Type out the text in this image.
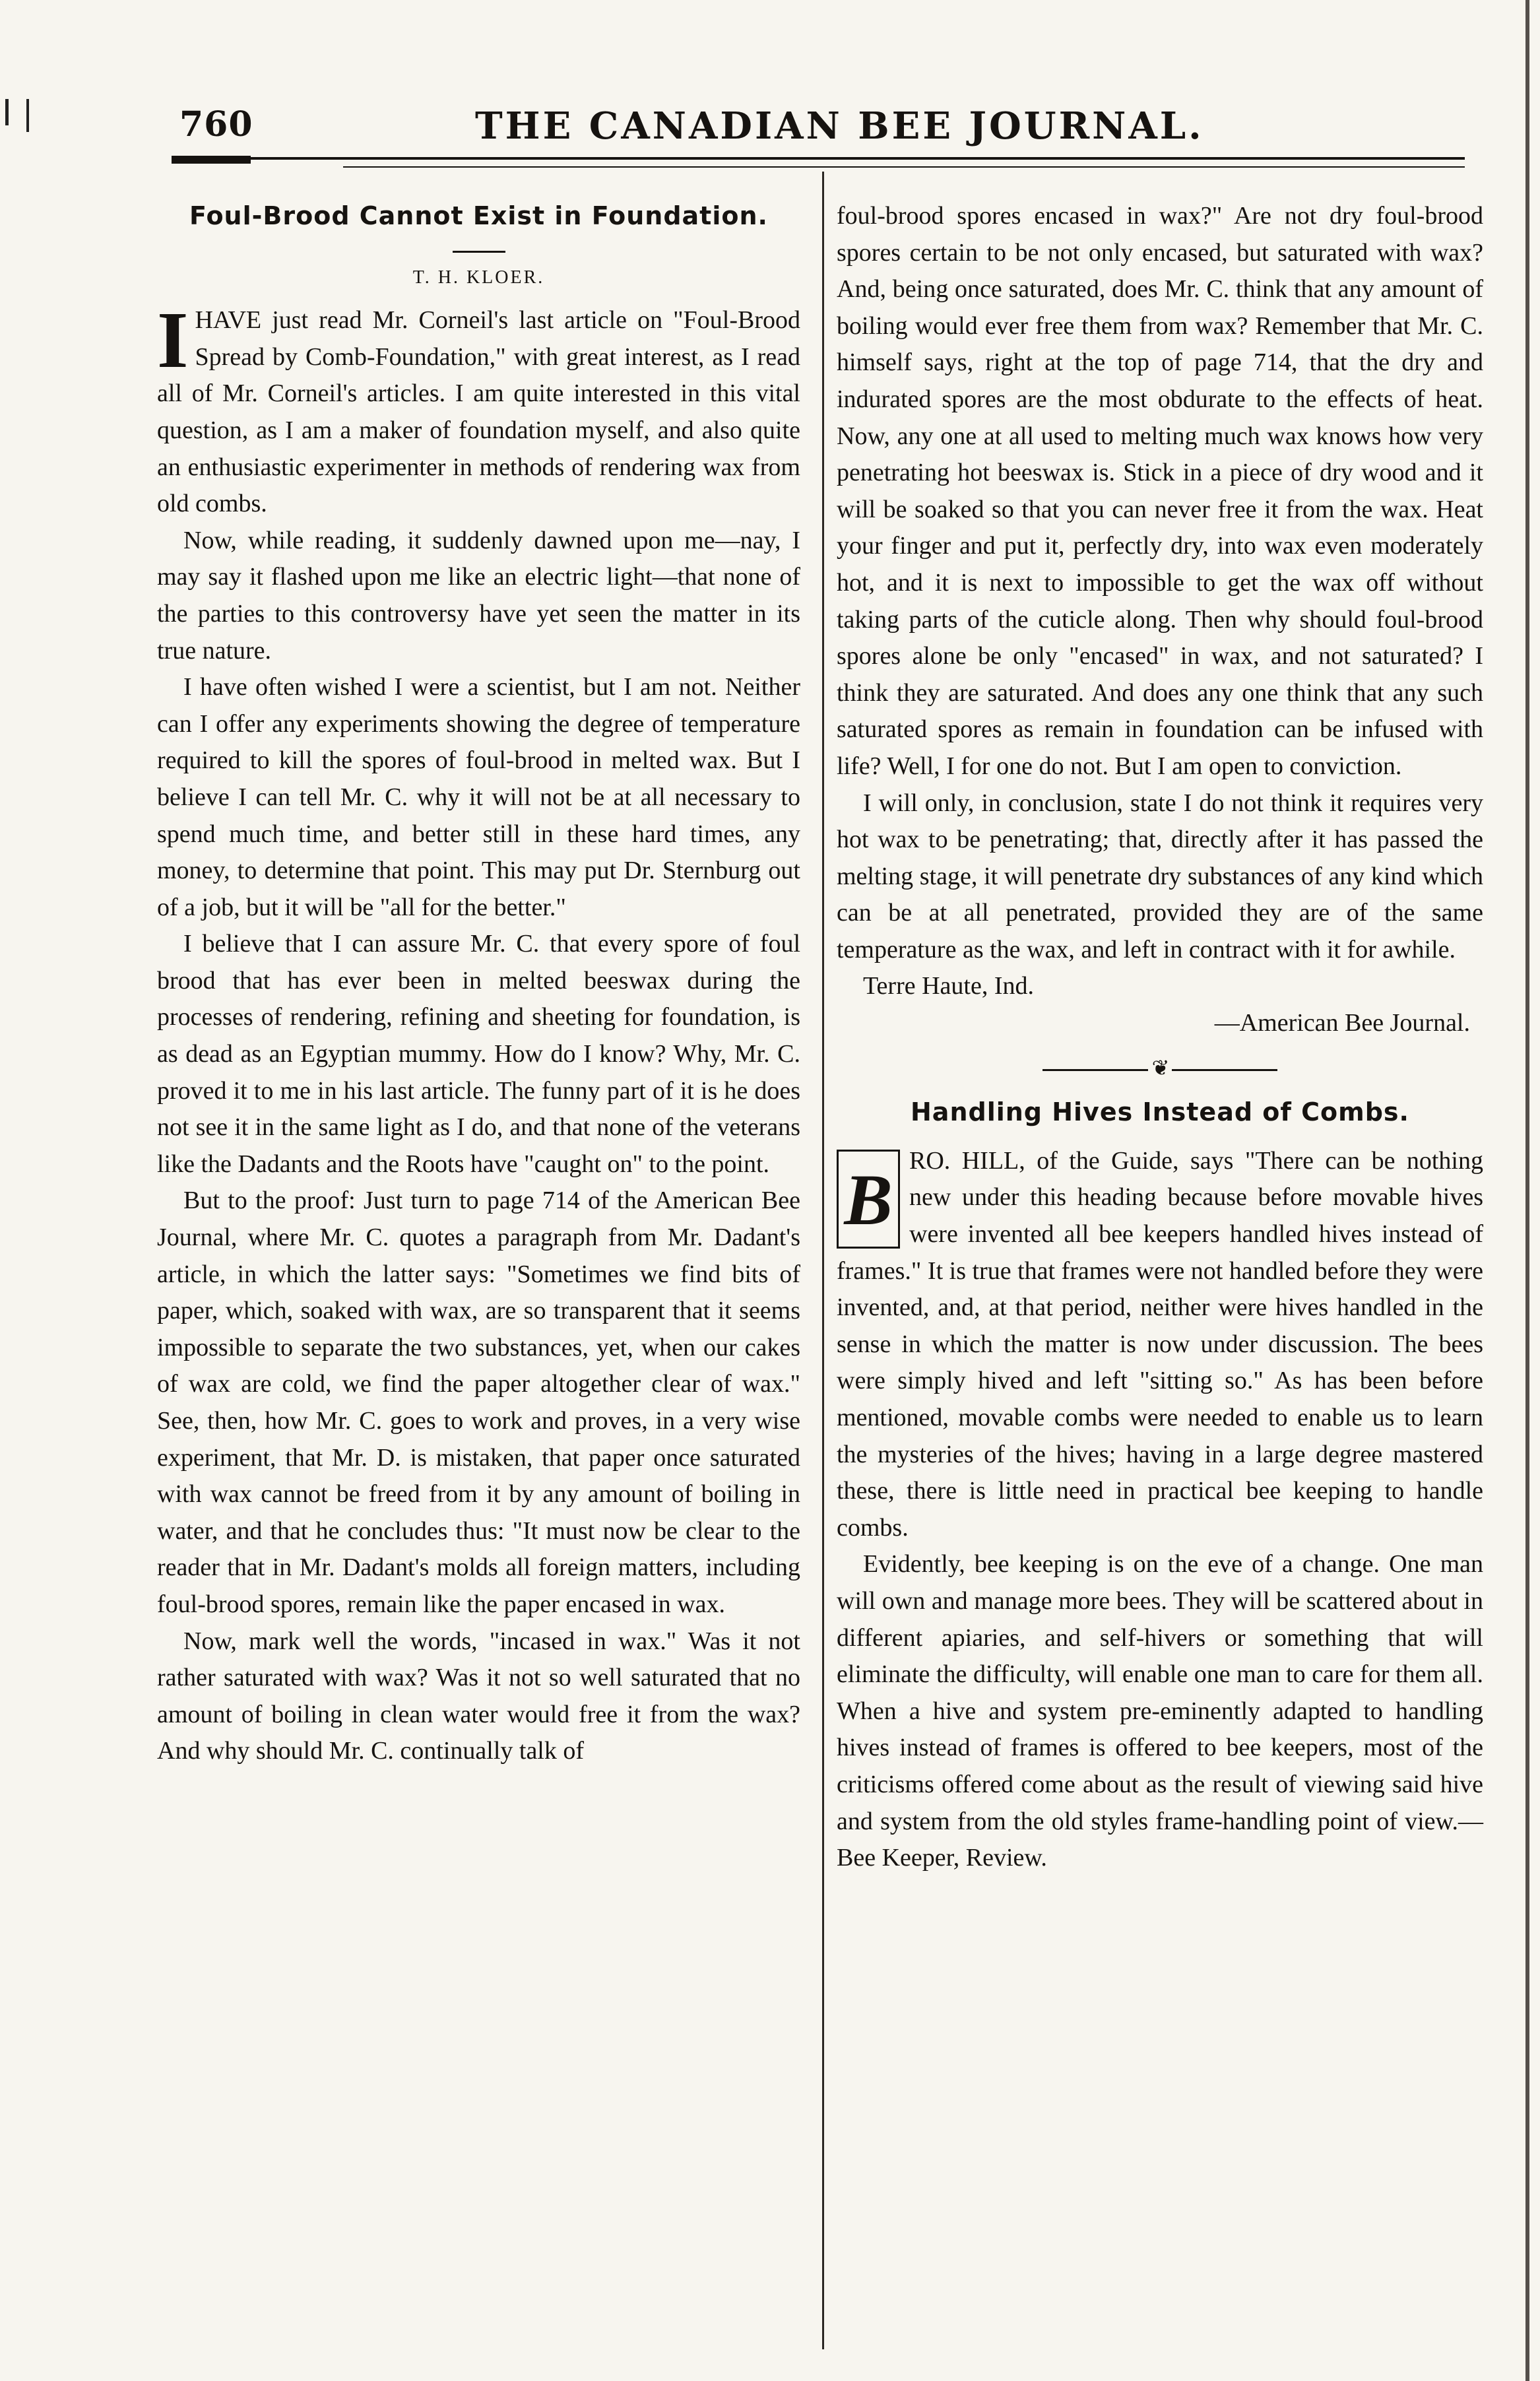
760	THE CANADIAN BEE JOURNAL.
Foul-Brood Cannot Exist in Foundation.
T. H. KLOER.

IHAVE just read Mr. Corneil's last article on "Foul-Brood Spread by Comb-Foundation," with great interest, as I read all of Mr. Corneil's articles. I am quite interested in this vital question, as I am a maker of foundation myself, and also quite an enthusiastic experimenter in methods of rendering wax from old combs.

Now, while reading, it suddenly dawned upon me—nay, I may say it flashed upon me like an electric light—that none of the parties to this controversy have yet seen the matter in its true nature.

I have often wished I were a scientist, but I am not. Neither can I offer any experiments showing the degree of temperature required to kill the spores of foul-brood in melted wax. But I believe I can tell Mr. C. why it will not be at all necessary to spend much time, and better still in these hard times, any money, to determine that point. This may put Dr. Sternburg out of a job, but it will be "all for the better."

I believe that I can assure Mr. C. that every spore of foul brood that has ever been in melted beeswax during the processes of rendering, refining and sheeting for foundation, is as dead as an Egyptian mummy. How do I know? Why, Mr. C. proved it to me in his last article. The funny part of it is he does not see it in the same light as I do, and that none of the veterans like the Dadants and the Roots have "caught on" to the point.

But to the proof: Just turn to page 714 of the American Bee Journal, where Mr. C. quotes a paragraph from Mr. Dadant's article, in which the latter says: "Sometimes we find bits of paper, which, soaked with wax, are so transparent that it seems impossible to separate the two substances, yet, when our cakes of wax are cold, we find the paper altogether clear of wax." See, then, how Mr. C. goes to work and proves, in a very wise experiment, that Mr. D. is mistaken, that paper once saturated with wax cannot be freed from it by any amount of boiling in water, and that he concludes thus: "It must now be clear to the reader that in Mr. Dadant's molds all foreign matters, including foul-brood spores, remain like the paper encased in wax.

Now, mark well the words, "incased in wax." Was it not rather saturated with wax? Was it not so well saturated that no amount of boiling in clean water would free it from the wax? And why should Mr. C. continually talk of

foul-brood spores encased in wax?" Are not dry foul-brood spores certain to be not only encased, but saturated with wax? And, being once saturated, does Mr. C. think that any amount of boiling would ever free them from wax? Remember that Mr. C. himself says, right at the top of page 714, that the dry and indurated spores are the most obdurate to the effects of heat. Now, any one at all used to melting much wax knows how very penetrating hot beeswax is. Stick in a piece of dry wood and it will be soaked so that you can never free it from the wax. Heat your finger and put it, perfectly dry, into wax even moderately hot, and it is next to impossible to get the wax off without taking parts of the cuticle along. Then why should foul-brood spores alone be only "encased" in wax, and not saturated? I think they are saturated. And does any one think that any such saturated spores as remain in foundation can be infused with life? Well, I for one do not. But I am open to conviction.

I will only, in conclusion, state I do not think it requires very hot wax to be penetrating; that, directly after it has passed the melting stage, it will penetrate dry substances of any kind which can be at all penetrated, provided they are of the same temperature as the wax, and left in contract with it for awhile.

Terre Haute, Ind.

—American Bee Journal.

❦
Handling Hives Instead of Combs.

B RO. HILL, of the Guide, says "There can be nothing new under this heading because before movable hives were invented all bee keepers handled hives instead of frames." It is true that frames were not handled before they were invented, and, at that period, neither were hives handled in the sense in which the matter is now under discussion. The bees were simply hived and left "sitting so." As has been before mentioned, movable combs were needed to enable us to learn the mysteries of the hives; having in a large degree mastered these, there is little need in practical bee keeping to handle combs.

Evidently, bee keeping is on the eve of a change. One man will own and manage more bees. They will be scattered about in different apiaries, and self-hivers or something that will eliminate the difficulty, will enable one man to care for them all. When a hive and system pre-eminently adapted to handling hives instead of frames is offered to bee keepers, most of the criticisms offered come about as the result of viewing said hive and system from the old styles frame-handling point of view.—Bee Keeper, Review.
